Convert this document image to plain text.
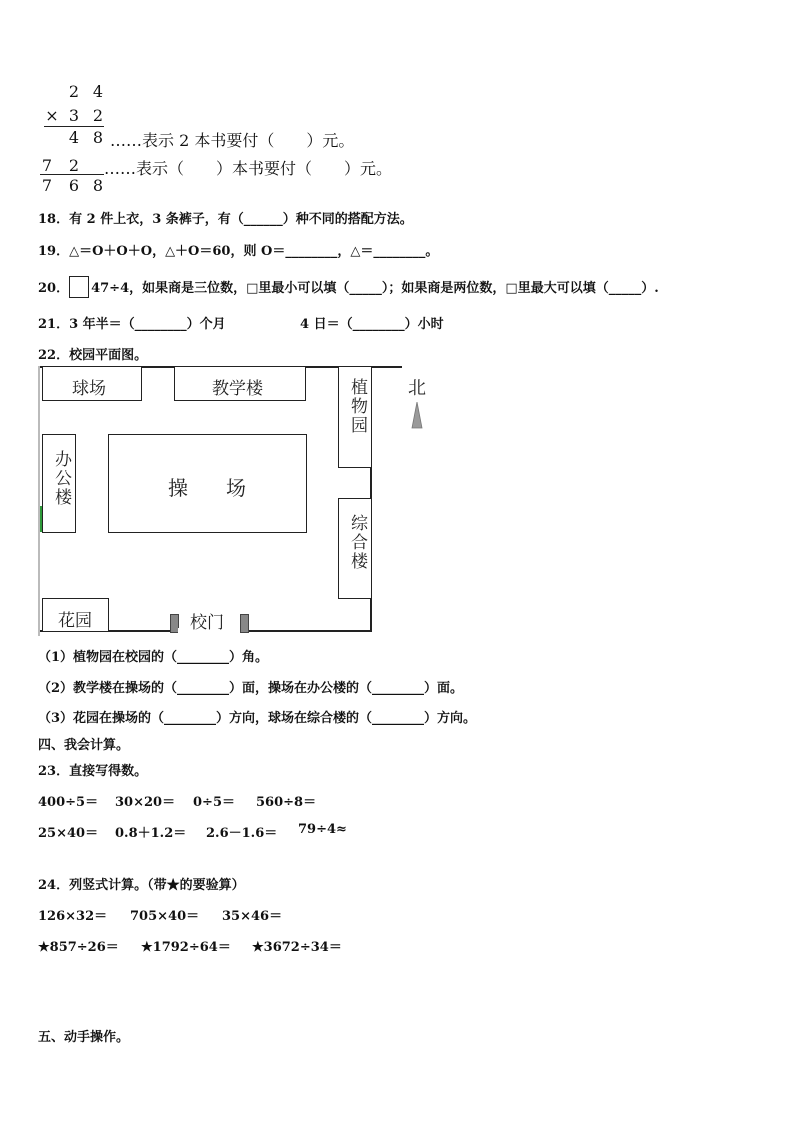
2 4
× 3 2
4 8 ……表示 2 本书要付（　　）元。
7 2 ……表示（　　）本书要付（　　）元。
7 6 8
18．有 2 件上衣，3 条裤子，有（______）种不同的搭配方法。
19．△＝O＋O＋O，△＋O＝60，则 O＝________，△＝________。
20． 47÷4，如果商是三位数，□里最小可以填（_____）；如果商是两位数，□里最大可以填（_____）.
21．3 年半＝（________）个月	4 日＝（________）小时
22．校园平面图。
球场	教学楼	植物园 北
办公楼	操 场
综合楼
花园	校门
（1）植物园在校园的（________）角。
（2）教学楼在操场的（________）面，操场在办公楼的（________）面。
（3）花园在操场的（________）方向，球场在综合楼的（________）方向。
四、我会计算。
23．直接写得数。
400÷5＝ 30×20＝ 0÷5＝ 560÷8＝
25×40＝ 0.8＋1.2＝ 2.6－1.6＝ 79÷4≈
24．列竖式计算。（带★的要验算）
126×32＝ 705×40＝ 35×46＝
★857÷26＝ ★1792÷64＝ ★3672÷34＝
五、动手操作。
